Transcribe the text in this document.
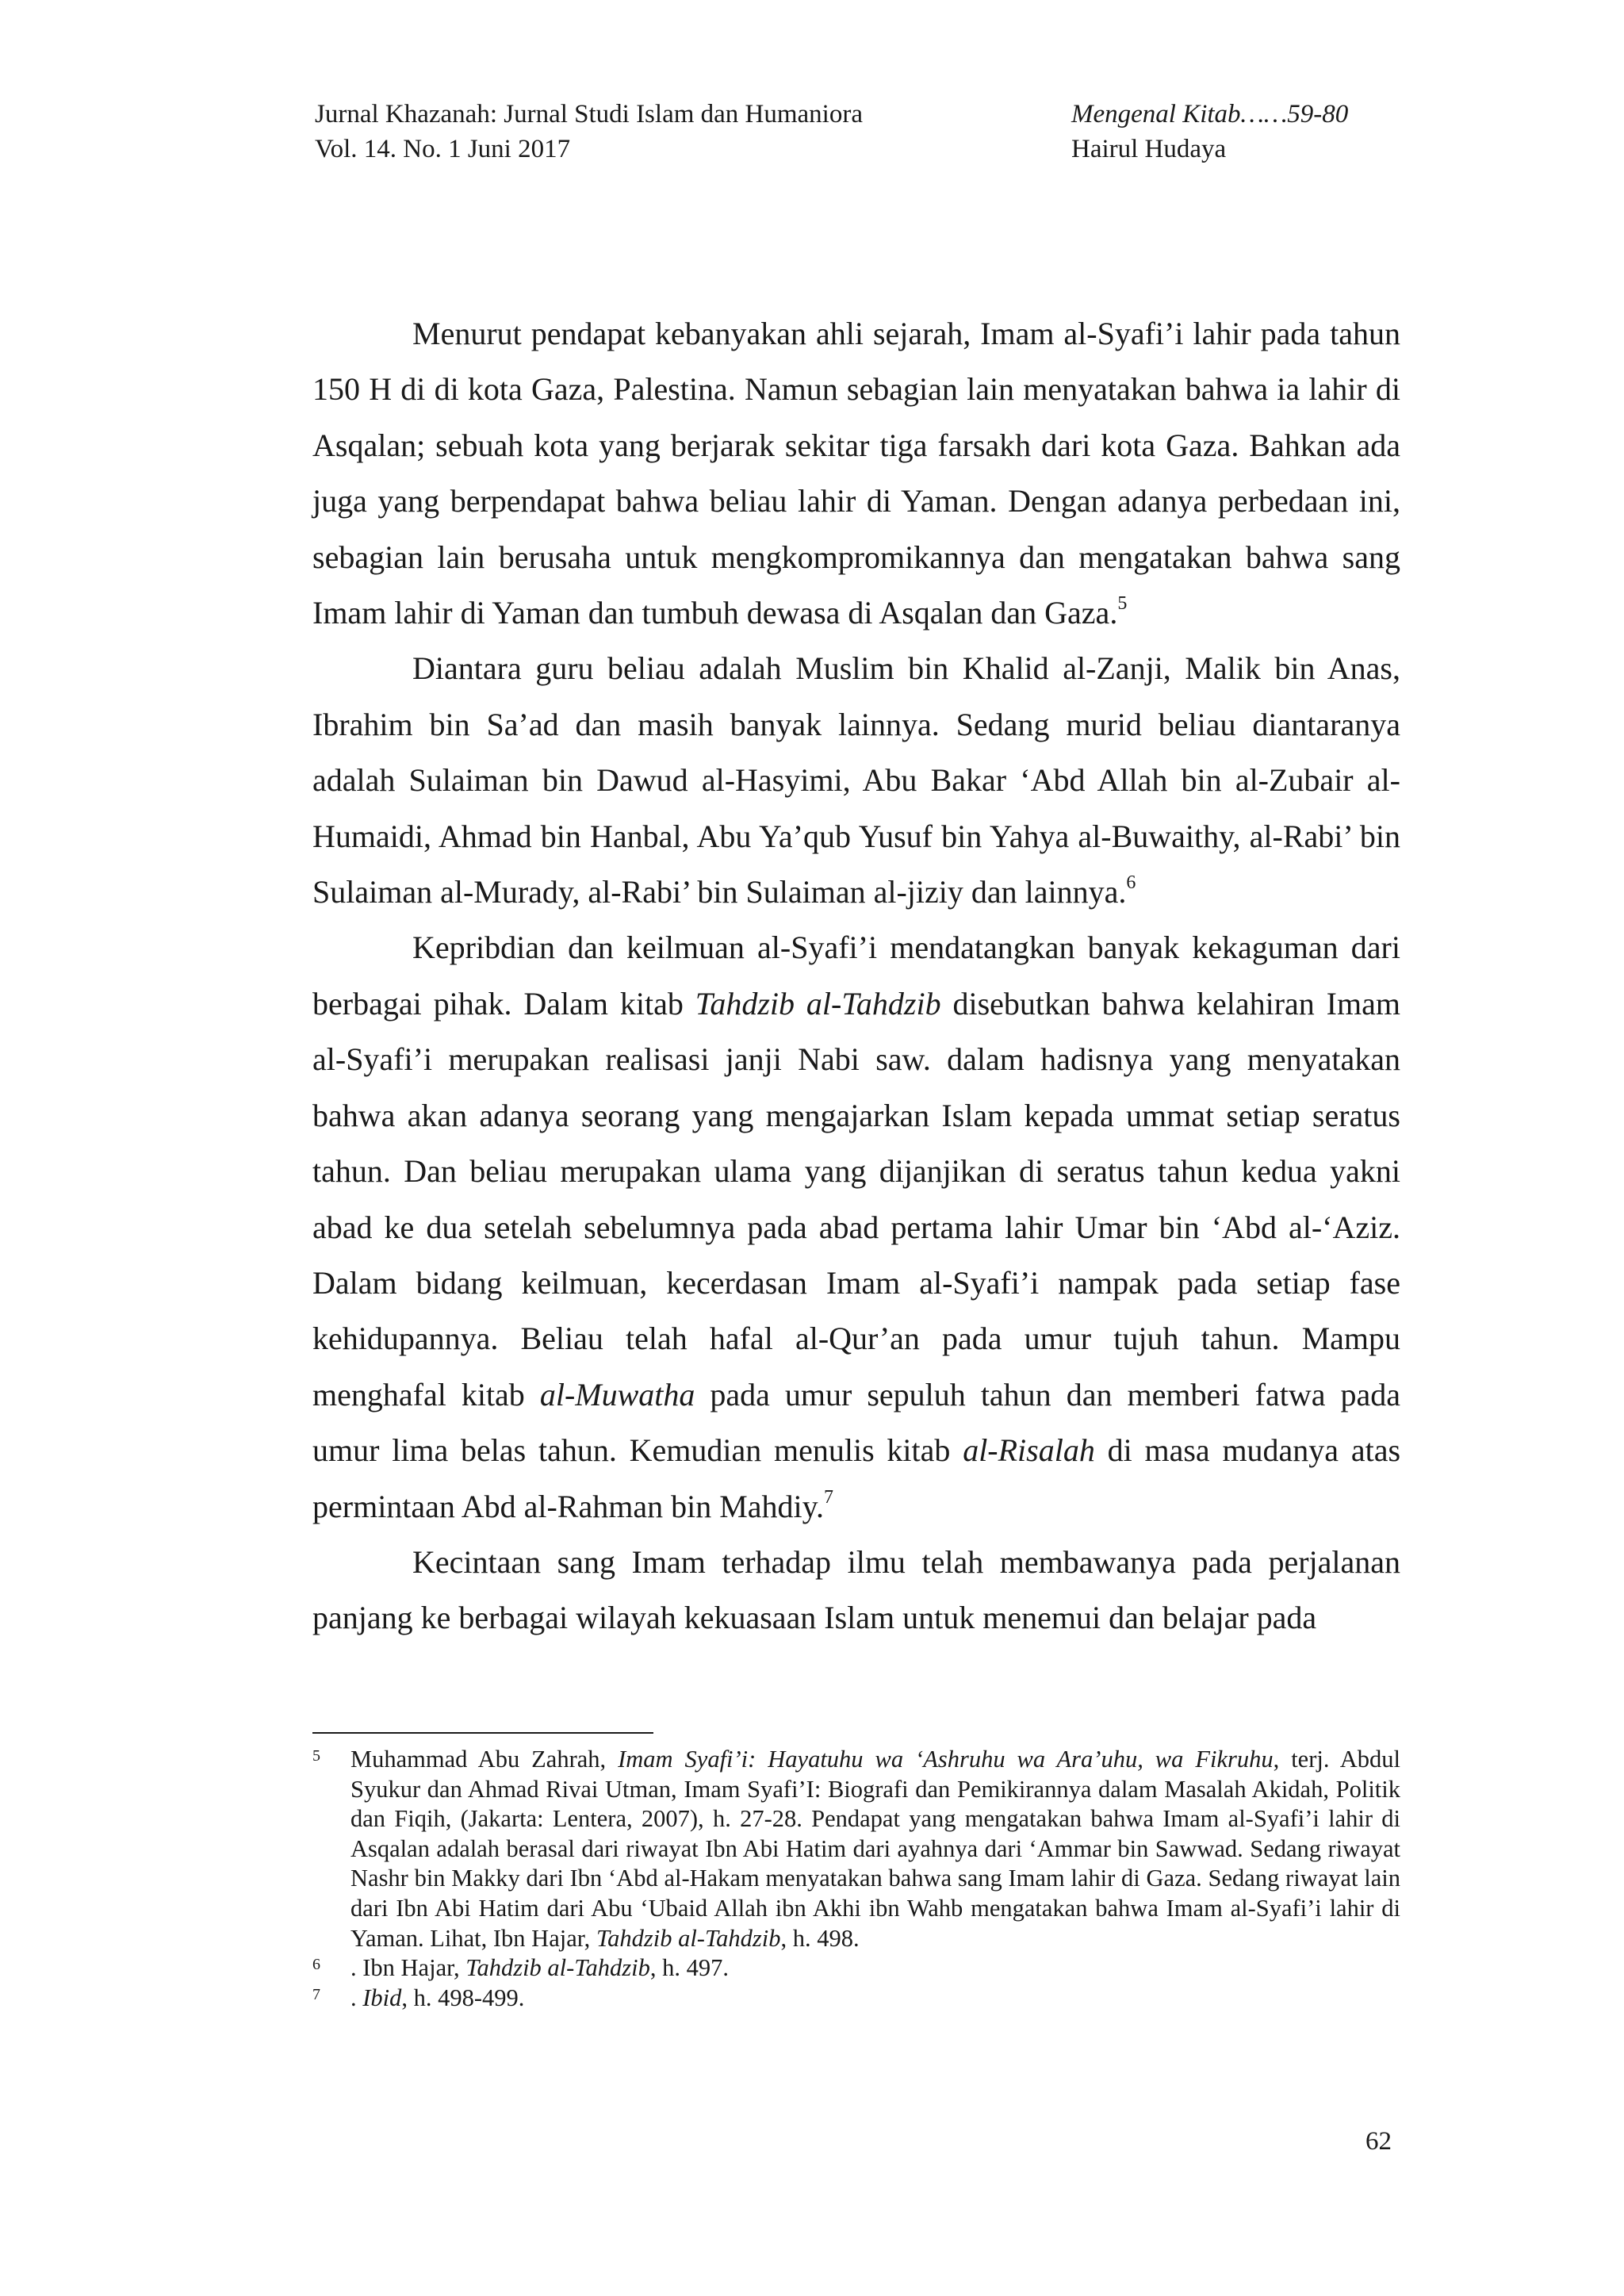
Jurnal Khazanah: Jurnal Studi Islam dan Humaniora
Vol. 14. No. 1 Juni 2017
Mengenal Kitab……59-80
Hairul Hudaya

Menurut pendapat kebanyakan ahli sejarah, Imam al-Syafi’i lahir pada tahun 150 H di di kota Gaza, Palestina. Namun sebagian lain menyatakan bahwa ia lahir di Asqalan; sebuah kota yang berjarak sekitar tiga farsakh dari kota Gaza. Bahkan ada juga yang berpendapat bahwa beliau lahir di Yaman. Dengan adanya perbedaan ini, sebagian lain berusaha untuk mengkompromikannya dan mengatakan bahwa sang Imam lahir di Yaman dan tumbuh dewasa di Asqalan dan Gaza.$^5$

Diantara guru beliau adalah Muslim bin Khalid al-Zanji, Malik bin Anas, Ibrahim bin Sa’ad dan masih banyak lainnya. Sedang murid beliau diantaranya adalah Sulaiman bin Dawud al-Hasyimi, Abu Bakar ‘Abd Allah bin al-Zubair al-Humaidi, Ahmad bin Hanbal, Abu Ya’qub Yusuf bin Yahya al-Buwaithy, al-Rabi’ bin Sulaiman al-Murady, al-Rabi’ bin Sulaiman al-jiziy dan lainnya.$^6$

Kepribdian dan keilmuan al-Syafi’i mendatangkan banyak kekaguman dari berbagai pihak. Dalam kitab Tahdzib al-Tahdzib disebutkan bahwa kelahiran Imam al-Syafi’i merupakan realisasi janji Nabi saw. dalam hadisnya yang menyatakan bahwa akan adanya seorang yang mengajarkan Islam kepada ummat setiap seratus tahun. Dan beliau merupakan ulama yang dijanjikan di seratus tahun kedua yakni abad ke dua setelah sebelumnya pada abad pertama lahir Umar bin ‘Abd al-‘Aziz. Dalam bidang keilmuan, kecerdasan Imam al-Syafi’i nampak pada setiap fase kehidupannya. Beliau telah hafal al-Qur’an pada umur tujuh tahun. Mampu menghafal kitab al-Muwatha pada umur sepuluh tahun dan memberi fatwa pada umur lima belas tahun. Kemudian menulis kitab al-Risalah di masa mudanya atas permintaan Abd al-Rahman bin Mahdiy.$^7$

Kecintaan sang Imam terhadap ilmu telah membawanya pada perjalanan panjang ke berbagai wilayah kekuasaan Islam untuk menemui dan belajar pada

5 Muhammad Abu Zahrah, Imam Syafi’i: Hayatuhu wa ‘Ashruhu wa Ara’uhu, wa Fikruhu, terj. Abdul Syukur dan Ahmad Rivai Utman, Imam Syafi’I: Biografi dan Pemikirannya dalam Masalah Akidah, Politik dan Fiqih, (Jakarta: Lentera, 2007), h. 27-28. Pendapat yang mengatakan bahwa Imam al-Syafi’i lahir di Asqalan adalah berasal dari riwayat Ibn Abi Hatim dari ayahnya dari ‘Ammar bin Sawwad. Sedang riwayat Nashr bin Makky dari Ibn ‘Abd al-Hakam menyatakan bahwa sang Imam lahir di Gaza. Sedang riwayat lain dari Ibn Abi Hatim dari Abu ‘Ubaid Allah ibn Akhi ibn Wahb mengatakan bahwa Imam al-Syafi’i lahir di Yaman. Lihat, Ibn Hajar, Tahdzib al-Tahdzib, h. 498.
6 . Ibn Hajar, Tahdzib al-Tahdzib, h. 497.
7 . Ibid, h. 498-499.
62
